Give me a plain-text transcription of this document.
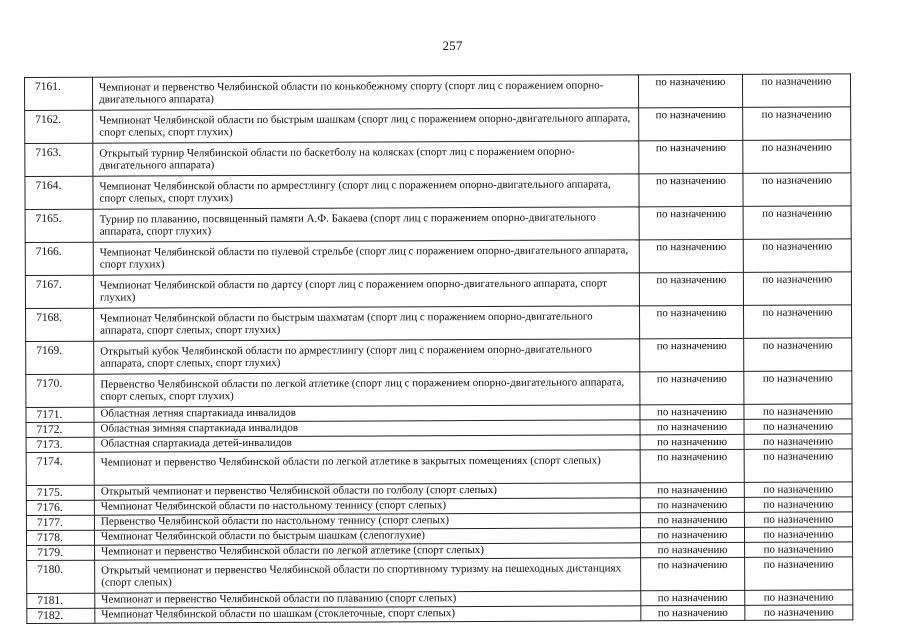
257
7161.	Чемпионат и первенство Челябинской области по конькобежному спорту (спорт лиц с поражением опорно-двигательного аппарата)	по назначению	по назначению
7162.	Чемпионат Челябинской области по быстрым шашкам (спорт лиц с поражением опорно-двигательного аппарата, спорт слепых, спорт глухих)	по назначению	по назначению
7163.	Открытый турнир Челябинской области по баскетболу на колясках (спорт лиц с поражением опорно-двигательного аппарата)	по назначению	по назначению
7164.	Чемпионат Челябинской области по армрестлингу (спорт лиц с поражением опорно-двигательного аппарата, спорт слепых, спорт глухих)	по назначению	по назначению
7165.	Турнир по плаванию, посвященный памяти А.Ф. Бакаева (спорт лиц с поражением опорно-двигательного аппарата, спорт глухих)	по назначению	по назначению
7166.	Чемпионат Челябинской области по пулевой стрельбе (спорт лиц с поражением опорно-двигательного аппарата, спорт глухих)	по назначению	по назначению
7167.	Чемпионат Челябинской области по дартсу (спорт лиц с поражением опорно-двигательного аппарата, спорт глухих)	по назначению	по назначению
7168.	Чемпионат Челябинской области по быстрым шахматам (спорт лиц с поражением опорно-двигательного аппарата, спорт слепых, спорт глухих)	по назначению	по назначению
7169.	Открытый кубок Челябинской области по армрестлингу (спорт лиц с поражением опорно-двигательного аппарата, спорт слепых, спорт глухих)	по назначению	по назначению
7170.	Первенство Челябинской области по легкой атлетике (спорт лиц с поражением опорно-двигательного аппарата, спорт слепых, спорт глухих)	по назначению	по назначению
7171.	Областная летняя спартакиада инвалидов	по назначению	по назначению
7172.	Областная зимняя спартакиада инвалидов	по назначению	по назначению
7173.	Областная спартакиада детей-инвалидов	по назначению	по назначению
7174.	Чемпионат и первенство Челябинской области по легкой атлетике в закрытых помещениях (спорт слепых)	по назначению	по назначению
7175.	Открытый чемпионат и первенство Челябинской области по голболу (спорт слепых)	по назначению	по назначению
7176.	Чемпионат Челябинской области по настольному теннису (спорт слепых)	по назначению	по назначению
7177.	Первенство Челябинской области по настольному теннису (спорт слепых)	по назначению	по назначению
7178.	Чемпионат Челябинской области по быстрым шашкам (слепоглухие)	по назначению	по назначению
7179.	Чемпионат и первенство Челябинской области по легкой атлетике (спорт слепых)	по назначению	по назначению
7180.	Открытый чемпионат и первенство Челябинской области по спортивному туризму на пешеходных дистанциях (спорт слепых)	по назначению	по назначению
7181.	Чемпионат и первенство Челябинской области по плаванию (спорт слепых)	по назначению	по назначению
7182.	Чемпионат Челябинской области по шашкам (стоклеточные, спорт слепых)	по назначению	по назначению
